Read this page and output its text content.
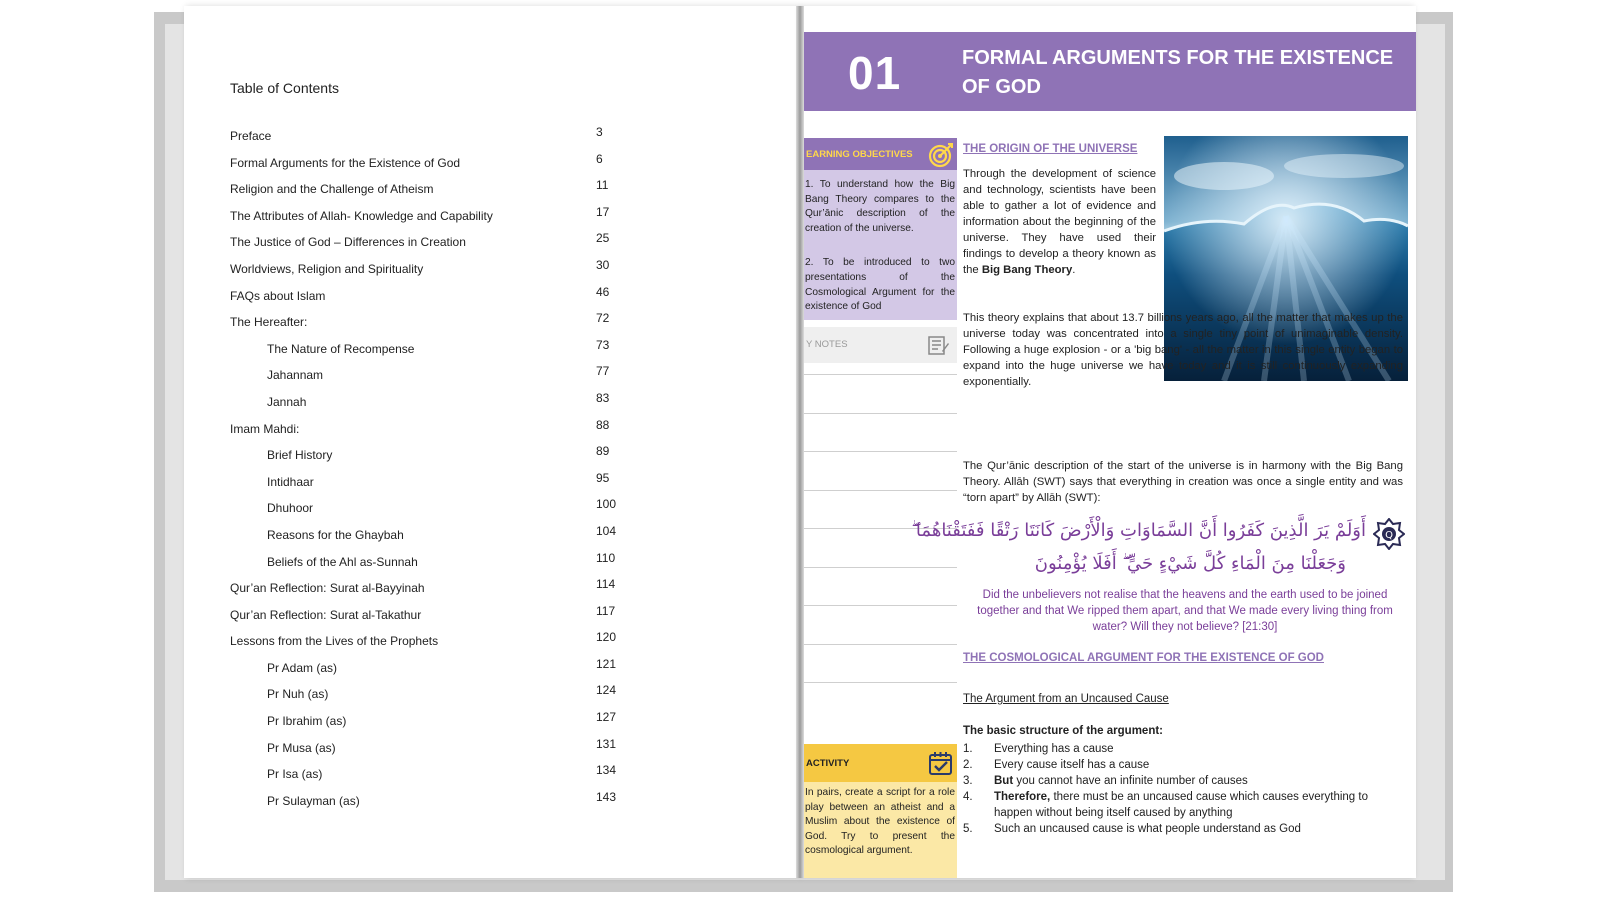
Table of Contents
Preface	3
Formal Arguments for the Existence of God	6
Religion and the Challenge of Atheism	11
The Attributes of Allah- Knowledge and Capability	17
The Justice of God – Differences in Creation	25
Worldviews, Religion and Spirituality	30
FAQs about Islam	46
The Hereafter:	72
The Nature of Recompense	73
Jahannam	77
Jannah	83
Imam Mahdi:	88
Brief History	89
Intidhaar	95
Dhuhoor	100
Reasons for the Ghaybah	104
Beliefs of the Ahl as-Sunnah	110
Qur’an Reflection: Surat al-Bayyinah	114
Qur’an Reflection: Surat al-Takathur	117
Lessons from the Lives of the Prophets	120
Pr Adam (as)	121
Pr Nuh (as)	124
Pr Ibrahim (as)	127
Pr Musa (as)	131
Pr Isa (as)	134
Pr Sulayman (as)	143
01	FORMAL ARGUMENTS FOR THE EXISTENCE OF GOD
EARNING OBJECTIVES

1. To understand how the Big Bang Theory compares to the Qur’ānic description of the creation of the universe.

2. To be introduced to two presentations of the Cosmological Argument for the existence of God

Y NOTES
ACTIVITY
In pairs, create a script for a role play between an atheist and a Muslim about the existence of God. Try to present the cosmological argument.
THE ORIGIN OF THE UNIVERSE
Through the development of science and technology, scientists have been able to gather a lot of evidence and information about the beginning of the universe. They have used their findings to develop a theory known as the Big Bang Theory.
This theory explains that about 13.7 billions years ago, all the matter that makes up the universe today was concentrated into a single tiny point of unimaginable density. Following a huge explosion - or a 'big bang' - all the matter in this single entity began to expand into the huge universe we have today and it is still continuously expanding exponentially.
The Qur’ānic description of the start of the universe is in harmony with the Big Bang Theory. Allāh (SWT) says that everything in creation was once a single entity and was “torn apart” by Allāh (SWT):
Q
أَوَلَمْ يَرَ الَّذِينَ كَفَرُوا أَنَّ السَّمَاوَاتِ وَالْأَرْضَ كَانَتَا رَتْقًا فَفَتَقْنَاهُمَا ۖ
وَجَعَلْنَا مِنَ الْمَاءِ كُلَّ شَيْءٍ حَيٍّ ۖ أَفَلَا يُؤْمِنُونَ
Did the unbelievers not realise that the heavens and the earth used to be joined together and that We ripped them apart, and that We made every living thing from water? Will they not believe? [21:30]
THE COSMOLOGICAL ARGUMENT FOR THE EXISTENCE OF GOD
The Argument from an Uncaused Cause
The basic structure of the argument:
1. Everything has a cause
2. Every cause itself has a cause
3. But you cannot have an infinite number of causes
4. Therefore, there must be an uncaused cause which causes everything to happen without being itself caused by anything
5. Such an uncaused cause is what people understand as God
